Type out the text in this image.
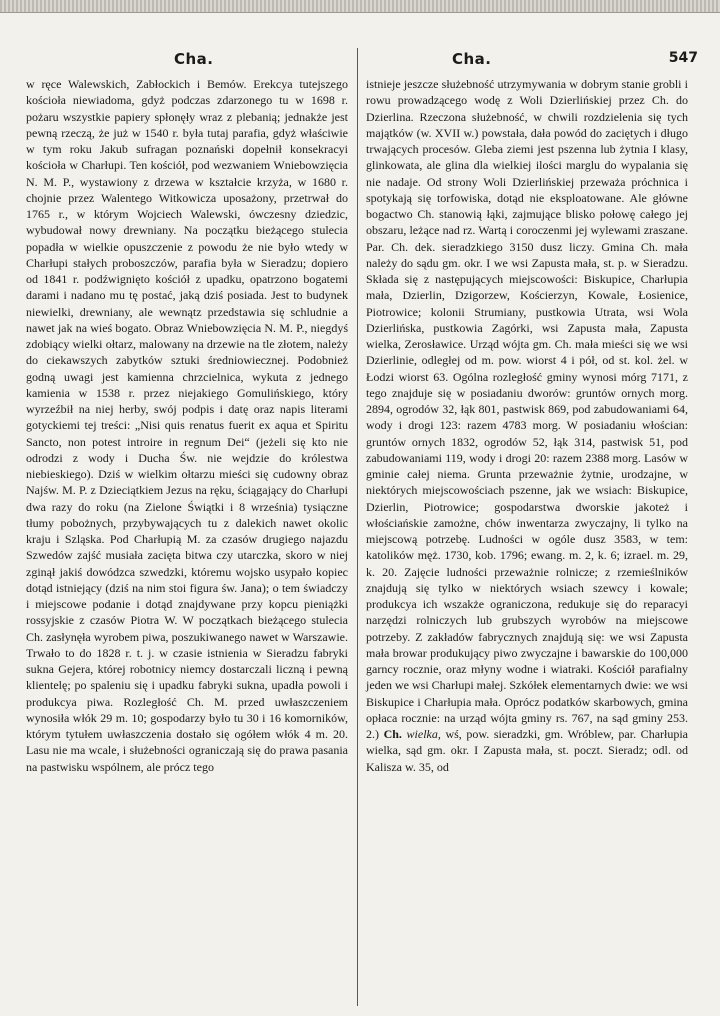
Cha.	Cha.	547

w ręce Walewskich, Zabłockich i Bemów. Erekcya tutejszego kościoła niewiadoma, gdyż podczas zdarzonego tu w 1698 r. pożaru wszystkie papiery spłonęły wraz z plebanią; jednakże jest pewną rzeczą, że już w 1540 r. była tutaj parafia, gdyż właściwie w tym roku Jakub sufragan poznański dopełnił konsekracyi kościoła w Charłupi. Ten kościół, pod wezwaniem Wniebowzięcia N. M. P., wystawiony z drzewa w kształcie krzyża, w 1680 r. chojnie przez Walentego Witkowicza uposażony, przetrwał do 1765 r., w którym Wojciech Walewski, ówczesny dziedzic, wybudował nowy drewniany. Na początku bieżącego stulecia popadła w wielkie opuszczenie z powodu że nie było wtedy w Charłupi stałych proboszczów, parafia była w Sieradzu; dopiero od 1841 r. podźwignięto kościół z upadku, opatrzono bogatemi darami i nadano mu tę postać, jaką dziś posiada. Jest to budynek niewielki, drewniany, ale wewnątz przedstawia się schludnie a nawet jak na wieś bogato. Obraz Wniebowzięcia N. M. P., niegdyś zdobiący wielki ołtarz, malowany na drzewie na tle złotem, należy do ciekawszych zabytków sztuki średniowiecznej. Podobnież godną uwagi jest kamienna chrzcielnica, wykuta z jednego kamienia w 1538 r. przez niejakiego Gomulińskiego, który wyrzeźbił na niej herby, swój podpis i datę oraz napis literami gotyckiemi tej treści: „Nisi quis renatus fuerit ex aqua et Spiritu Sancto, non potest introire in regnum Dei“ (jeżeli się kto nie odrodzi z wody i Ducha Św. nie wejdzie do królestwa niebieskiego). Dziś w wielkim ołtarzu mieści się cudowny obraz Najśw. M. P. z Dzieciątkiem Jezus na ręku, ściągający do Charłupi dwa razy do roku (na Zielone Świątki i 8 września) tysiączne tłumy pobożnych, przybywających tu z dalekich nawet okolic kraju i Szląska. Pod Charłupią M. za czasów drugiego najazdu Szwedów zajść musiała zacięta bitwa czy utarczka, skoro w niej zginął jakiś dowódzca szwedzki, któremu wojsko usypało kopiec dotąd istniejący (dziś na nim stoi figura św. Jana); o tem świadczy i miejscowe podanie i dotąd znajdywane przy kopcu pieniążki rossyjskie z czasów Piotra W. W początkach bieżącego stulecia Ch. zasłynęła wyrobem piwa, poszukiwanego nawet w Warszawie. Trwało to do 1828 r. t. j. w czasie istnienia w Sieradzu fabryki sukna Gejera, której robotnicy niemcy dostarczali liczną i pewną klientelę; po spaleniu się i upadku fabryki sukna, upadła powoli i produkcya piwa. Rozległość Ch. M. przed uwłaszczeniem wynosiła włók 29 m. 10; gospodarzy było tu 30 i 16 komorników, którym tytułem uwłaszczenia dostało się ogółem włók 4 m. 20. Lasu nie ma wcale, i służebności ograniczają się do prawa pasania na pastwisku wspólnem, ale prócz tego

istnieje jeszcze służebność utrzymywania w dobrym stanie grobli i rowu prowadzącego wodę z Woli Dzierlińskiej przez Ch. do Dzierlina. Rzeczona służebność, w chwili rozdzielenia się tych majątków (w. XVII w.) powstała, dała powód do zaciętych i długo trwających procesów. Gleba ziemi jest pszenna lub żytnia I klasy, glinkowata, ale glina dla wielkiej ilości marglu do wypalania się nie nadaje. Od strony Woli Dzierlińskiej przeważa próchnica i spotykają się torfowiska, dotąd nie eksploatowane. Ale główne bogactwo Ch. stanowią łąki, zajmujące blisko połowę całego jej obszaru, leżące nad rz. Wartą i coroczenmi jej wylewami zraszane. Par. Ch. dek. sieradzkiego 3150 dusz liczy. Gmina Ch. mała należy do sądu gm. okr. I we wsi Zapusta mała, st. p. w Sieradzu. Składa się z następujących miejscowości: Biskupice, Charłupia mała, Dzierlin, Dzigorzew, Kościerzyn, Kowale, Łosienice, Piotrowice; kolonii Strumiany, pustkowia Utrata, wsi Wola Dzierlińska, pustkowia Zagórki, wsi Zapusta mała, Zapusta wielka, Zerosławice. Urząd wójta gm. Ch. mała mieści się we wsi Dzierlinie, odległej od m. pow. wiorst 4 i pół, od st. kol. żel. w Łodzi wiorst 63. Ogólna rozległość gminy wynosi mórg 7171, z tego znajduje się w posiadaniu dworów: gruntów ornych morg. 2894, ogrodów 32, łąk 801, pastwisk 869, pod zabudowaniami 64, wody i drogi 123: razem 4783 morg. W posiadaniu włościan: gruntów ornych 1832, ogrodów 52, łąk 314, pastwisk 51, pod zabudowaniami 119, wody i drogi 20: razem 2388 morg. Lasów w gminie całej niema. Grunta przeważnie żytnie, urodzajne, w niektórych miejscowościach pszenne, jak we wsiach: Biskupice, Dzierlin, Piotrowice; gospodarstwa dworskie jakoteż i włościańskie zamożne, chów inwentarza zwyczajny, li tylko na miejscową potrzebę. Ludności w ogóle dusz 3583, w tem: katolików męż. 1730, kob. 1796; ewang. m. 2, k. 6; izrael. m. 29, k. 20. Zajęcie ludności przeważnie rolnicze; z rzemieślników znajdują się tylko w niektórych wsiach szewcy i kowale; produkcya ich wszakże ograniczona, redukuje się do reparacyi narzędzi rolniczych lub grubszych wyrobów na miejscowe potrzeby. Z zakładów fabrycznych znajdują się: we wsi Zapusta mała browar produkujący piwo zwyczajne i bawarskie do 100,000 garncy rocznie, oraz młyny wodne i wiatraki. Kościół parafialny jeden we wsi Charłupi małej. Szkółek elementarnych dwie: we wsi Biskupice i Charłupia mała. Oprócz podatków skarbowych, gmina opłaca rocznie: na urząd wójta gminy rs. 767, na sąd gminy 253. 2.) Ch. wielka, wś, pow. sieradzki, gm. Wróblew, par. Charłupia wielka, sąd gm. okr. I Zapusta mała, st. poczt. Sieradz; odl. od Kalisza w. 35, od
